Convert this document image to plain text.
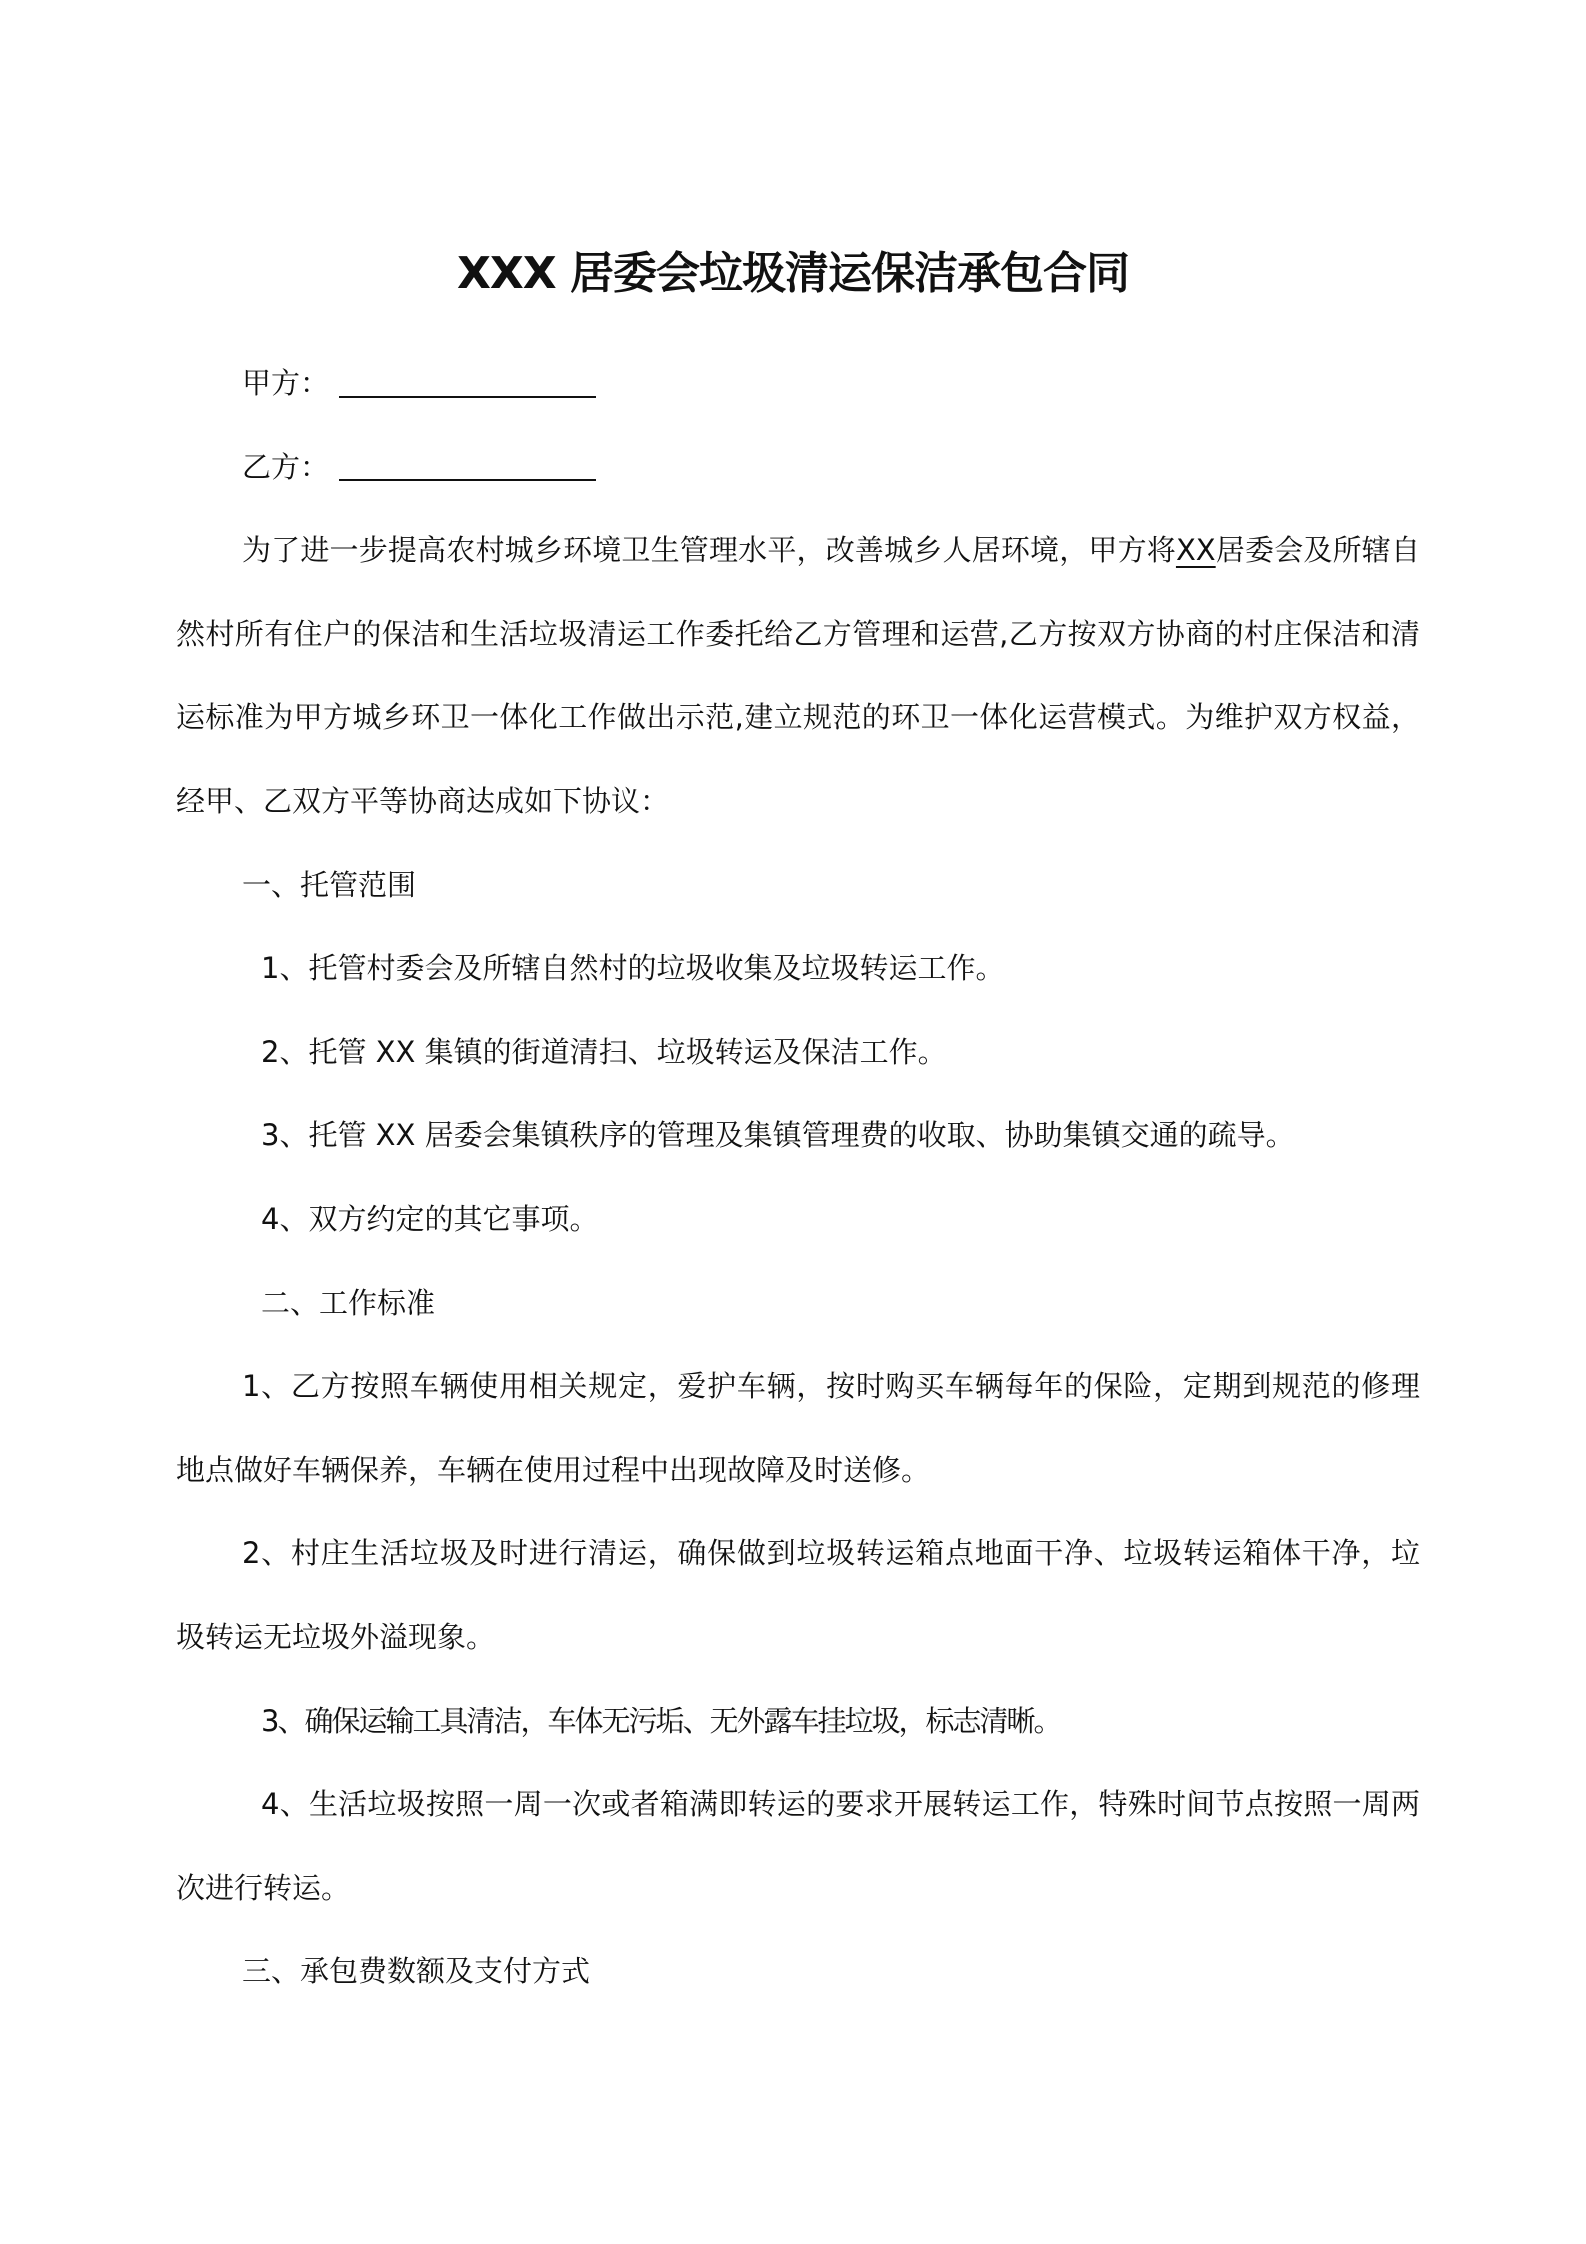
XXX 居委会垃圾清运保洁承包合同
甲方：
乙方：

为了进一步提高农村城乡环境卫生管理水平，改善城乡人居环境，甲方将XX居委会及所辖自然村所有住户的保洁和生活垃圾清运工作委托给乙方管理和运营,乙方按双方协商的村庄保洁和清运标准为甲方城乡环卫一体化工作做出示范,建立规范的环卫一体化运营模式。为维护双方权益，经甲、乙双方平等协商达成如下协议：

一、托管范围

1、托管村委会及所辖自然村的垃圾收集及垃圾转运工作。

2、托管 XX 集镇的街道清扫、垃圾转运及保洁工作。

3、托管 XX 居委会集镇秩序的管理及集镇管理费的收取、协助集镇交通的疏导。

4、双方约定的其它事项。

二、工作标准

1、乙方按照车辆使用相关规定，爱护车辆，按时购买车辆每年的保险，定期到规范的修理地点做好车辆保养，车辆在使用过程中出现故障及时送修。

2、村庄生活垃圾及时进行清运，确保做到垃圾转运箱点地面干净、垃圾转运箱体干净，垃圾转运无垃圾外溢现象。

3、确保运输工具清洁，车体无污垢、无外露车挂垃圾，标志清晰。

4、生活垃圾按照一周一次或者箱满即转运的要求开展转运工作，特殊时间节点按照一周两次进行转运。

三、承包费数额及支付方式
